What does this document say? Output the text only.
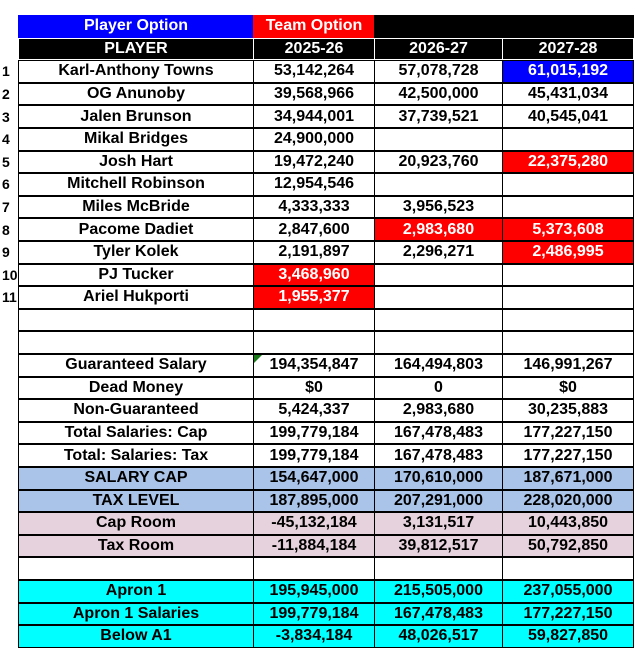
Player Option	Team Option
PLAYER	2025-26	2026-27	2027-28
1	Karl-Anthony Towns	53,142,264	57,078,728	61,015,192
2	OG Anunoby	39,568,966	42,500,000	45,431,034
3	Jalen Brunson	34,944,001	37,739,521	40,545,041
4	Mikal Bridges	24,900,000
5	Josh Hart	19,472,240	20,923,760	22,375,280
6	Mitchell Robinson	12,954,546
7	Miles McBride	4,333,333	3,956,523
8	Pacome Dadiet	2,847,600	2,983,680	5,373,608
9	Tyler Kolek	2,191,897	2,296,271	2,486,995
10	PJ Tucker	3,468,960
11	Ariel Hukporti	1,955,377
Guaranteed Salary	194,354,847	164,494,803	146,991,267
Dead Money	$0	0	$0
Non-Guaranteed	5,424,337	2,983,680	30,235,883
Total Salaries: Cap	199,779,184	167,478,483	177,227,150
Total: Salaries: Tax	199,779,184	167,478,483	177,227,150
SALARY CAP	154,647,000	170,610,000	187,671,000
TAX LEVEL	187,895,000	207,291,000	228,020,000
Cap Room	-45,132,184	3,131,517	10,443,850
Tax Room	-11,884,184	39,812,517	50,792,850
Apron 1	195,945,000	215,505,000	237,055,000
Apron 1 Salaries	199,779,184	167,478,483	177,227,150
Below A1	-3,834,184	48,026,517	59,827,850
